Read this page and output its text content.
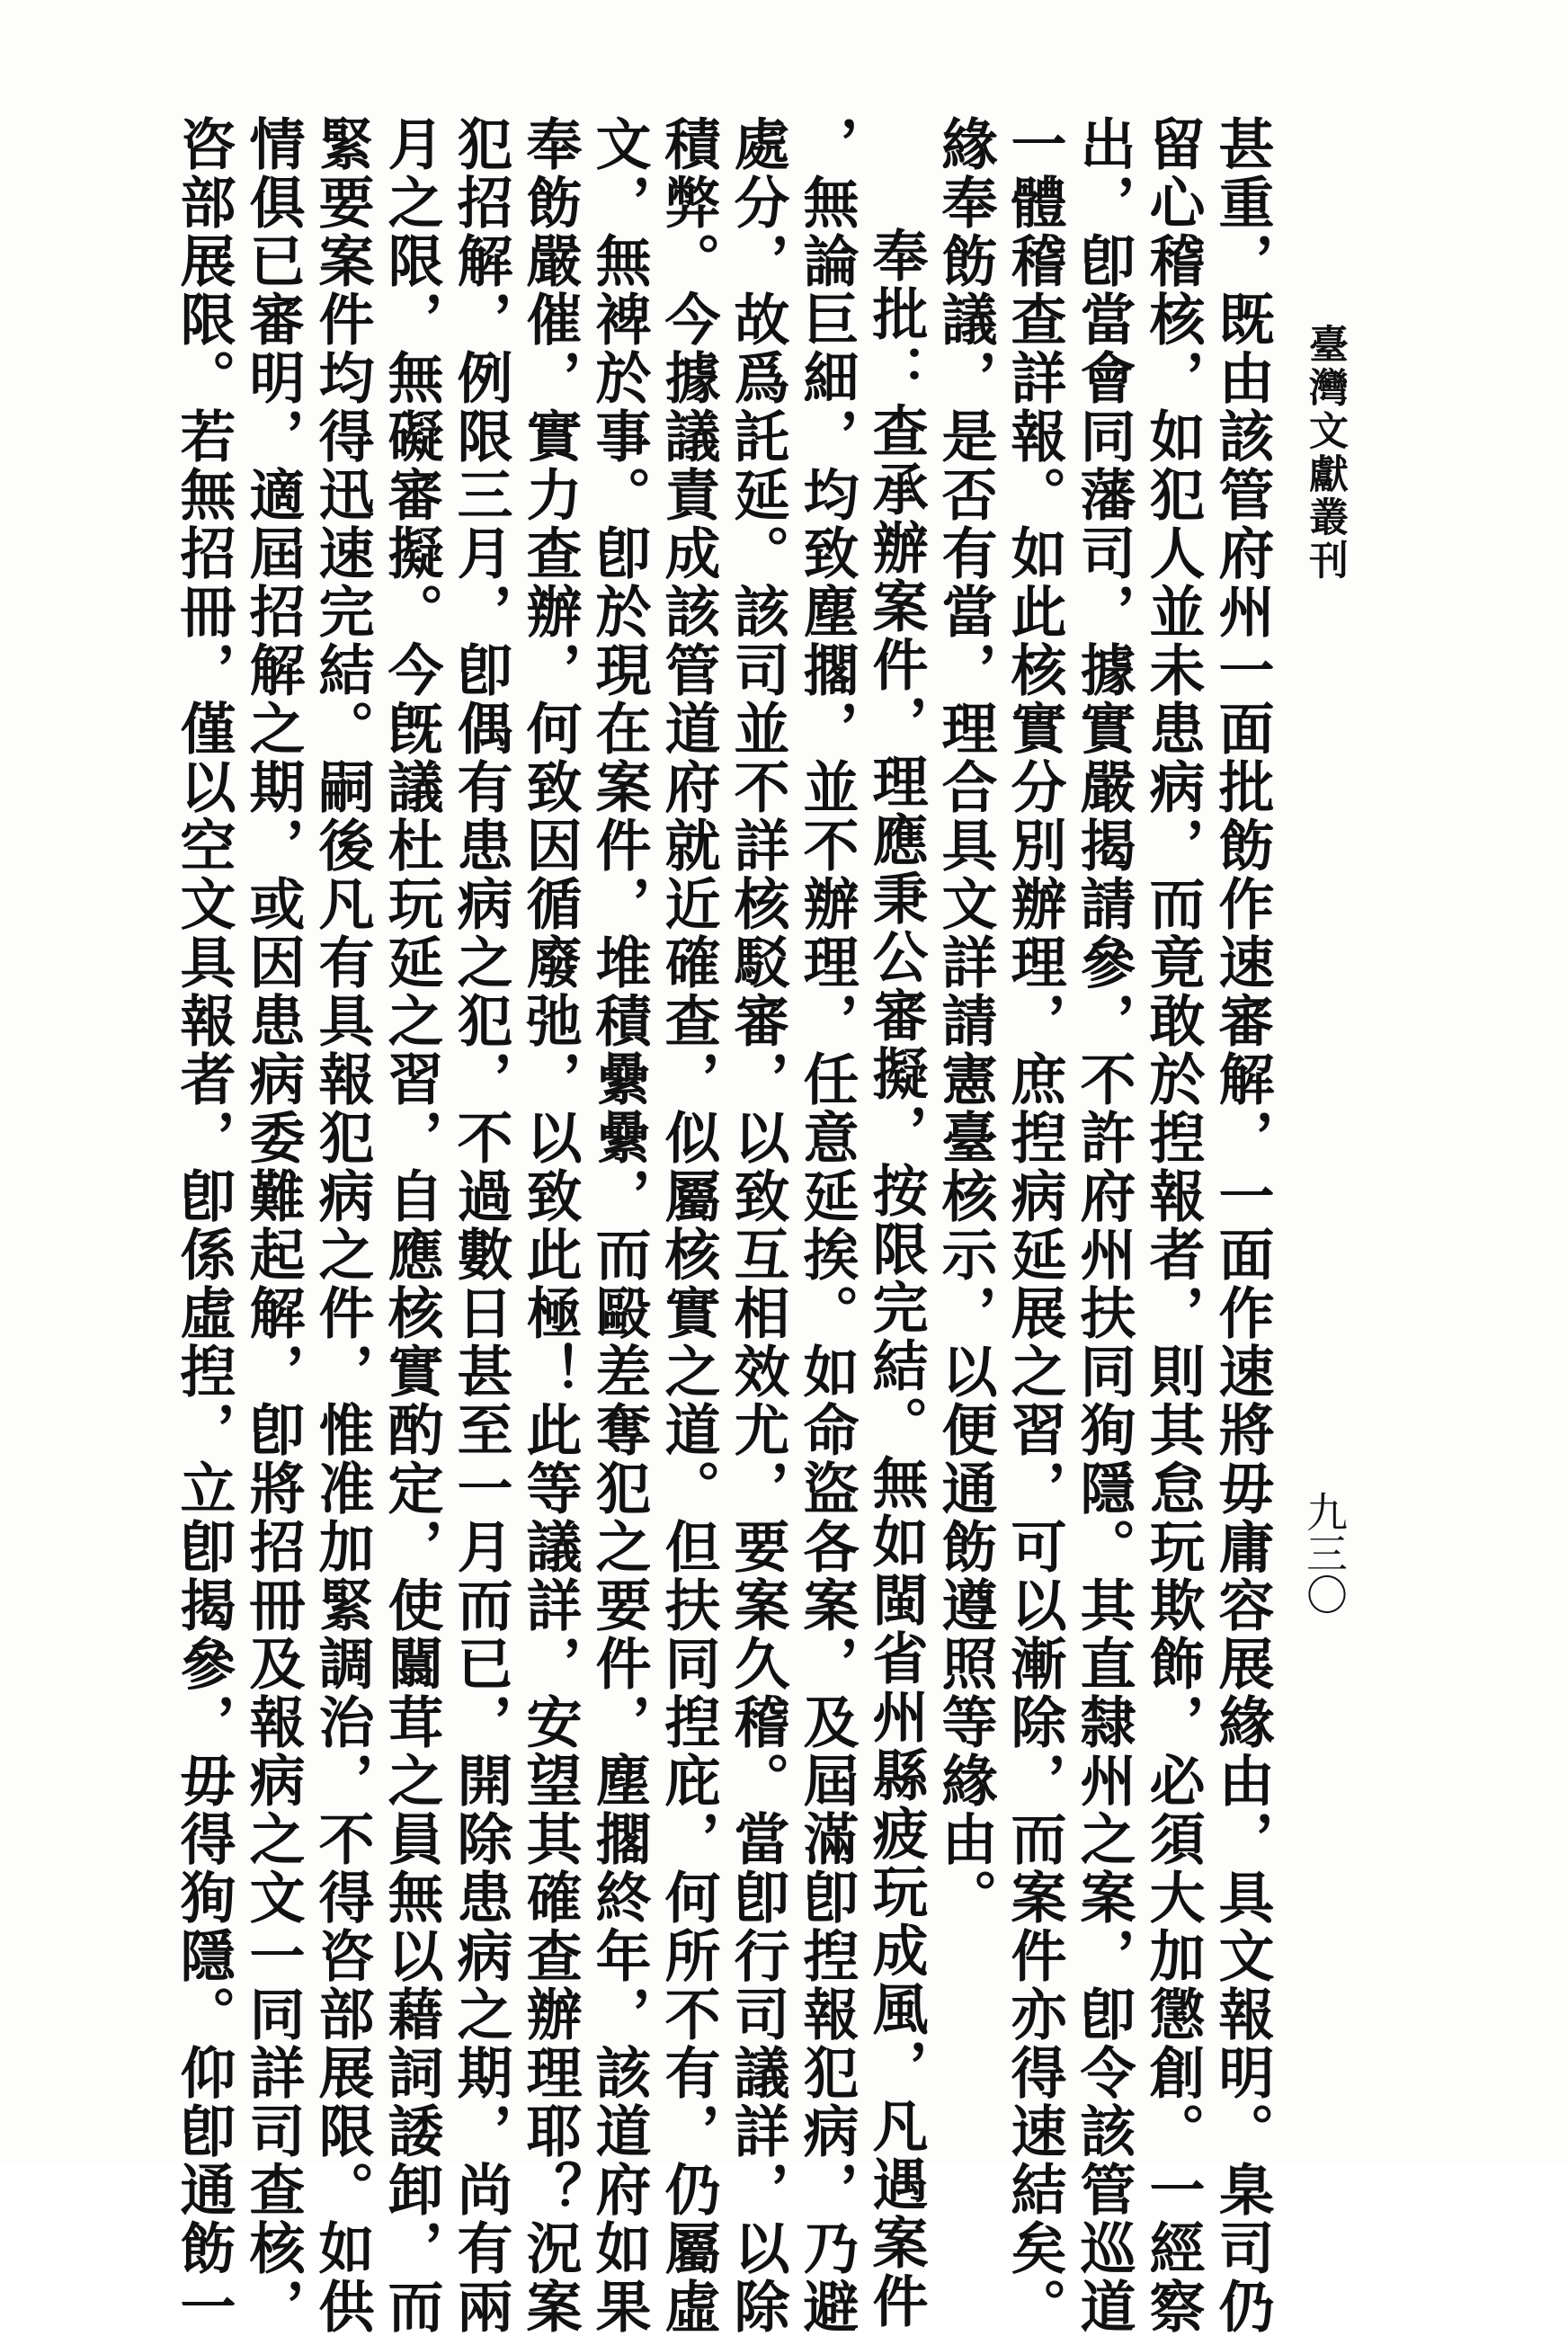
臺灣文獻叢刊
九三〇
甚重，既由該管府州一面批飭作速審解，一面作速將毋庸容展緣由，具文報明。臬司仍
留心稽核，如犯人並未患病，而竟敢於揑報者，則其怠玩欺飾，必須大加懲創。一經察
出，卽當會同藩司，據實嚴揭請參，不許府州扶同狥隱。其直隸州之案，卽令該管巡道
一體稽查詳報。如此核實分別辦理，庶揑病延展之習，可以漸除，而案件亦得速結矣。
緣奉飭議，是否有當，理合具文詳請憲臺核示，以便通飭遵照等緣由。
奉批：查承辦案件，理應秉公審擬，按限完結。無如閩省州縣疲玩成風，凡遇案件
，無論巨細，均致塵擱，並不辦理，任意延挨。如命盜各案，及屆滿卽揑報犯病，乃避
處分，故爲託延。該司並不詳核駁審，以致互相效尤，要案久稽。當卽行司議詳，以除
積弊。今據議責成該管道府就近確查，似屬核實之道。但扶同揑庇，何所不有，仍屬虛
文，無裨於事。卽於現在案件，堆積纍纍，而毆差奪犯之要件，塵擱終年，該道府如果
奉飭嚴催，實力查辦，何致因循廢弛，以致此極！此等議詳，安望其確查辦理耶？況案
犯招解，例限三月，卽偶有患病之犯，不過數日甚至一月而已，開除患病之期，尚有兩
月之限，無礙審擬。今旣議杜玩延之習，自應核實酌定，使闒茸之員無以藉詞諉卸，而
緊要案件均得迅速完結。嗣後凡有具報犯病之件，惟准加緊調治，不得咨部展限。如供
情俱已審明，適屆招解之期，或因患病委難起解，卽將招冊及報病之文一同詳司查核，
咨部展限。若無招冊，僅以空文具報者，卽係虛揑，立卽揭參，毋得狥隱。仰卽通飭一
